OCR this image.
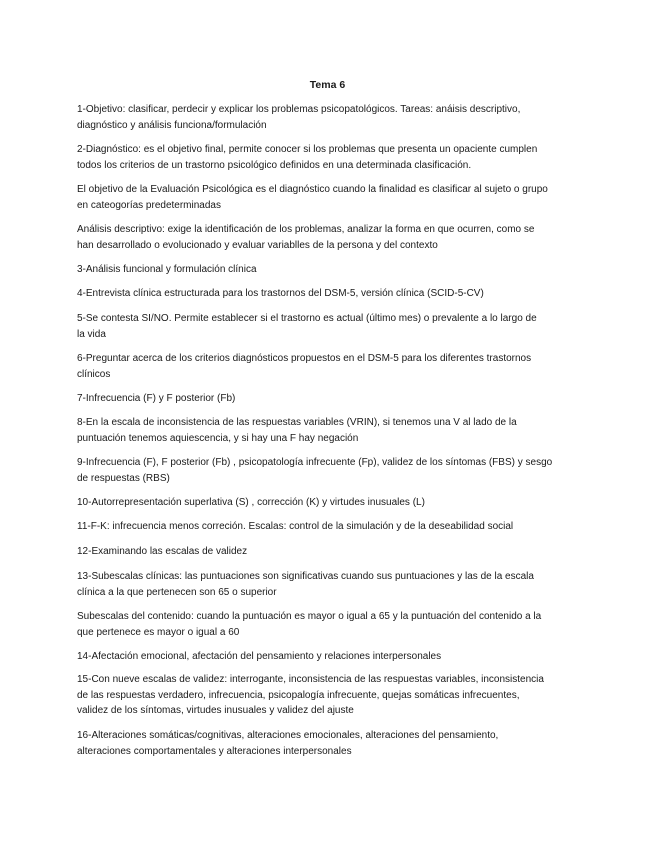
Tema 6
1-Objetivo: clasificar, perdecir y explicar los problemas psicopatológicos. Tareas: anáisis descriptivo,
diagnóstico y análisis funciona/formulación
2-Diagnóstico: es el objetivo final, permite conocer si los problemas que presenta un opaciente cumplen
todos los criterios de un trastorno psicológico definidos en una determinada clasificación.
El objetivo de la Evaluación Psicológica es el diagnóstico cuando la finalidad es clasificar al sujeto o grupo
en cateogorías predeterminadas
Análisis descriptivo: exige la identificación de los problemas, analizar la forma en que ocurren, como se
han desarrollado o evolucionado y evaluar variablles de la persona y del contexto
3-Análisis funcional y formulación clínica
4-Entrevista clínica estructurada para los trastornos del DSM-5, versión clínica (SCID-5-CV)
5-Se contesta SI/NO. Permite establecer si el trastorno es actual (último mes) o prevalente a lo largo de
la vida
6-Preguntar acerca de los criterios diagnósticos propuestos en el DSM-5 para los diferentes trastornos
clínicos
7-Infrecuencia (F) y F posterior (Fb)
8-En la escala de inconsistencia de las respuestas variables (VRIN), si tenemos una V al lado de la
puntuación tenemos aquiescencia, y si hay una F hay negación
9-Infrecuencia (F), F posterior (Fb) , psicopatología infrecuente (Fp), validez de los síntomas (FBS) y sesgo
de respuestas (RBS)
10-Autorrepresentación superlativa (S) , corrección (K) y virtudes inusuales (L)
11-F-K: infrecuencia menos correción. Escalas: control de la simulación y de la deseabilidad social
12-Examinando las escalas de validez
13-Subescalas clínicas: las puntuaciones son significativas cuando sus puntuaciones y las de la escala
clínica a la que pertenecen son 65 o superior
Subescalas del contenido: cuando la puntuación es mayor o igual a 65 y la puntuación del contenido a la
que pertenece es mayor o igual a 60
14-Afectación emocional, afectación del pensamiento y relaciones interpersonales
15-Con nueve escalas de validez: interrogante, inconsistencia de las respuestas variables, inconsistencia
de las respuestas verdadero, infrecuencia, psicopalogía infrecuente, quejas somáticas infrecuentes,
validez de los síntomas, virtudes inusuales y validez del ajuste
16-Alteraciones somáticas/cognitivas, alteraciones emocionales, alteraciones del pensamiento,
alteraciones comportamentales y alteraciones interpersonales
